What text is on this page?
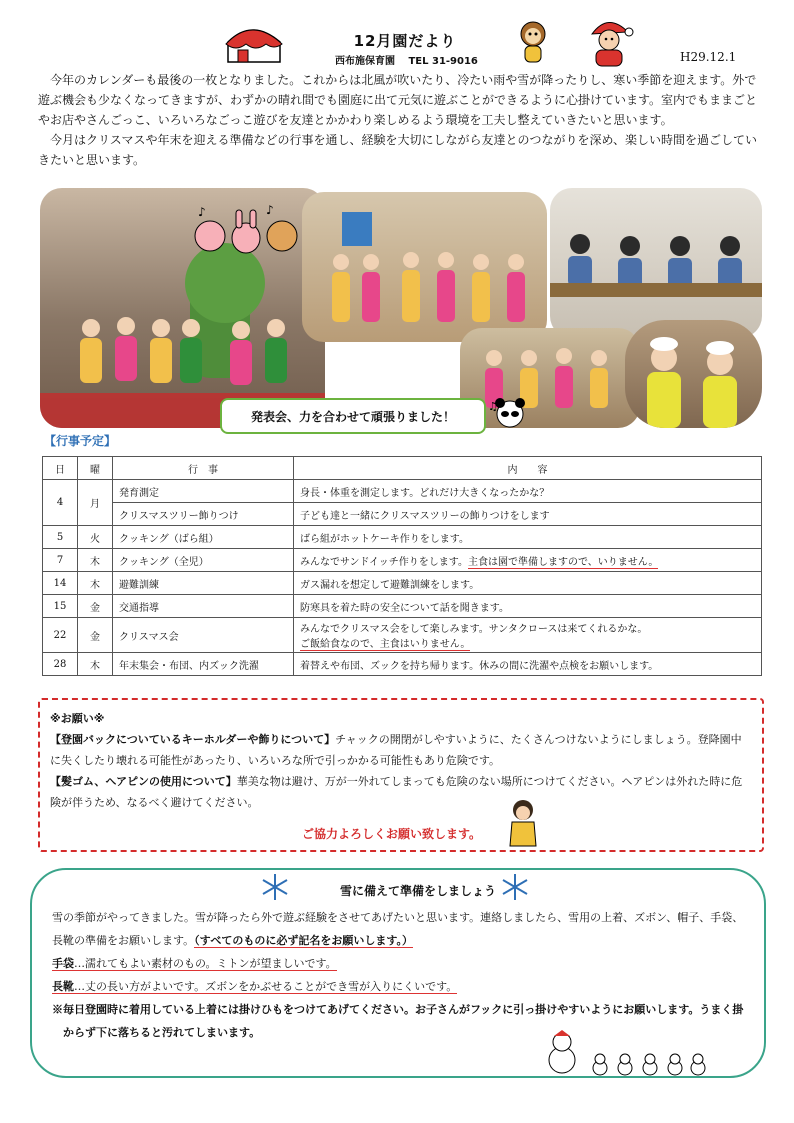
12月園だより
西布施保育園 TEL 31-9016	H29.12.1

今年のカレンダーも最後の一枚となりました。これからは北風が吹いたり、冷たい雨や雪が降ったりし、寒い季節を迎えます。外で遊ぶ機会も少なくなってきますが、わずかの晴れ間でも園庭に出て元気に遊ぶことができるように心掛けています。室内でもままごとやお店やさんごっこ、いろいろなごっこ遊びを友達とかかわり楽しめるよう環境を工夫し整えていきたいと思います。

今月はクリスマスや年末を迎える準備などの行事を通し、経験を大切にしながら友達とのつながりを深め、楽しい時間を過ごしていきたいと思います。

♪	♪
発表会、力を合わせて頑張りました！
♫
【行事予定】
日	曜	行　事	内　　容
4	月	発育測定	身長・体重を測定します。どれだけ大きくなったかな？
		クリスマスツリー飾りつけ	子ども達と一緒にクリスマスツリーの飾りつけをします
5	火	クッキング（ばら組）	ばら組がホットケーキ作りをします。
7	木	クッキング（全児）	みんなでサンドイッチ作りをします。主食は園で準備しますので、いりません。
14	木	避難訓練	ガス漏れを想定して避難訓練をします。
15	金	交通指導	防寒具を着た時の安全について話を聞きます。
22	金	クリスマス会	みんなでクリスマス会をして楽しみます。サンタクロースは来てくれるかな。
ご飯給食なので、主食はいりません。
28	木	年末集会・布団、内ズック洗濯	着替えや布団、ズックを持ち帰ります。休みの間に洗濯や点検をお願いします。
※お願い※
【登園バックについているキーホルダーや飾りについて】チャックの開閉がしやすいように、たくさんつけないようにしましょう。登降園中に失くしたり壊れる可能性があったり、いろいろな所で引っかかる可能性もあり危険です。
【髪ゴム、ヘアピンの使用について】華美な物は避け、万が一外れてしまっても危険のない場所につけてください。ヘアピンは外れた時に危険が伴うため、なるべく避けてください。
ご協力よろしくお願い致します。
雪に備えて準備をしましょう
雪の季節がやってきました。雪が降ったら外で遊ぶ経験をさせてあげたいと思います。連絡しましたら、雪用の上着、ズボン、帽子、手袋、長靴の準備をお願いします。（すべてのものに必ず記名をお願いします。）
手袋…濡れてもよい素材のもの。ミトンが望ましいです。
長靴…丈の長い方がよいです。ズボンをかぶせることができ雪が入りにくいです。
※毎日登園時に着用している上着には掛けひもをつけてあげてください。お子さんがフックに引っ掛けやすいようにお願いします。うまく掛からず下に落ちると汚れてしまいます。
